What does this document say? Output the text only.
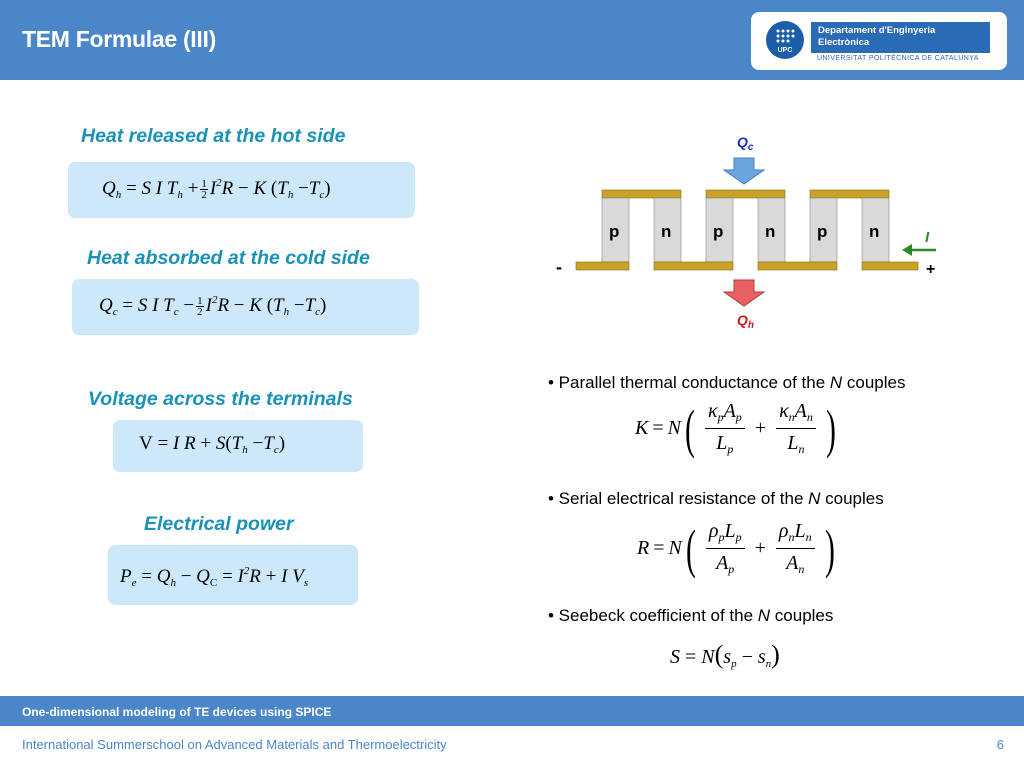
TEM Formulae (III)	UPC
Departament d'Enginyeria
Electrònica
UNIVERSITAT POLITÈCNICA DE CATALUNYA
Heat released at the hot side
$Q_h = S$ I $T_h + \frac{1}{2} I^2R - K$ $(T_h -T_c)$
Heat absorbed at the cold side
$Q_c = S$ I $T_c - \frac{1}{2} I^2R - K$ $(T_h -T_c)$
Voltage across the terminals
V = I $R + S(T_h -T_c)$
Electrical power
$P_e = Q_h - Q_C = I^2R + I$ $V_s$
$Q_c$
p n p n p n
-	+
I
$Q_h$
• Parallel thermal conductance of the N couples
K = N ( $\kappa_pA_p$
$L_p$
+
$\kappa_nA_n$
$L_n$ )
• Serial electrical resistance of the N couples
R = N ( $\rho_pL_p$
$A_p$
+
$\rho_nL_n$
$A_n$ )
• Seebeck coefficient of the N couples
$S = N(s_p - s_n)$
One-dimensional modeling of TE devices using SPICE
International Summerschool on Advanced Materials and Thermoelectricity	6
